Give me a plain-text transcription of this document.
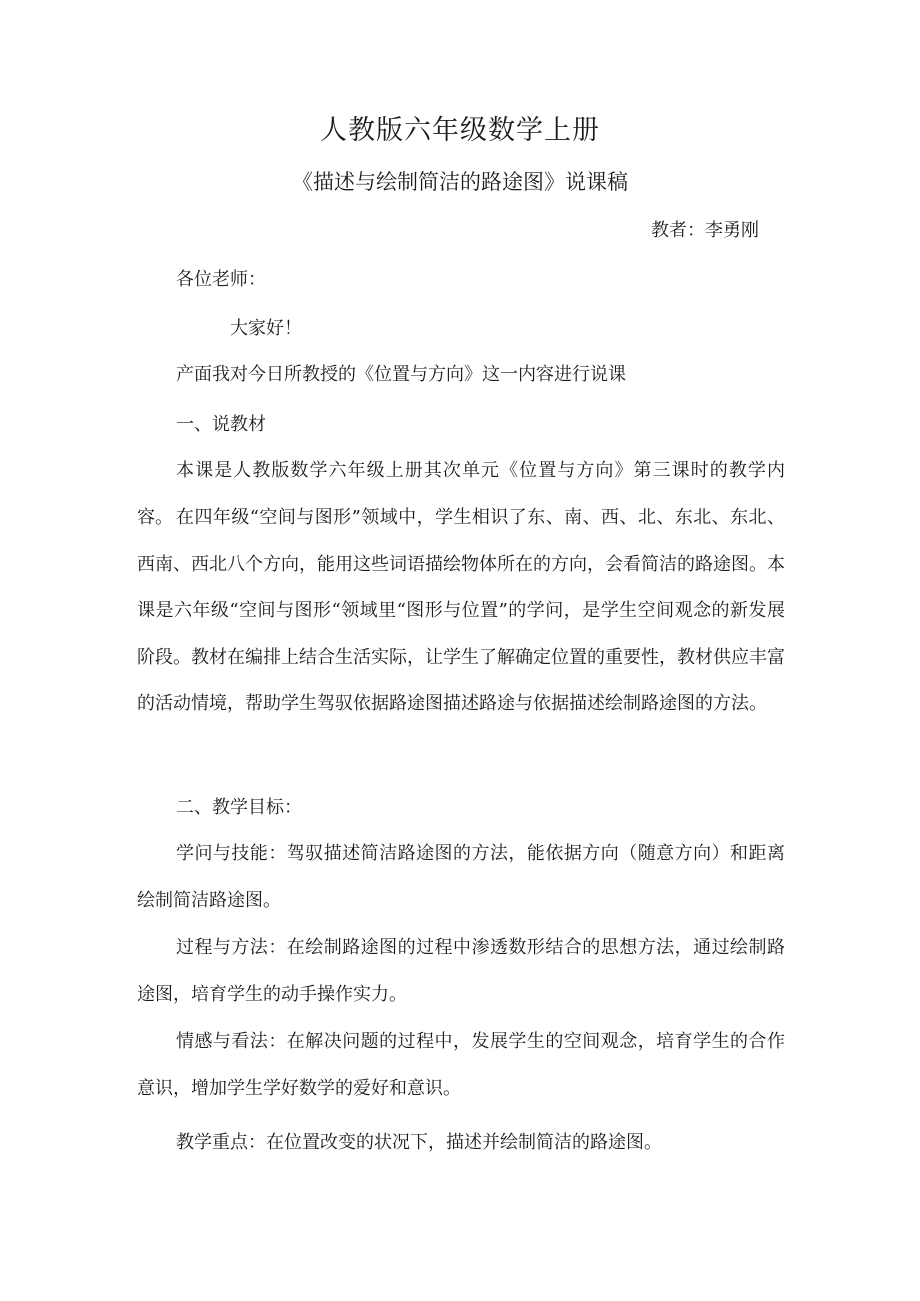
人教版六年级数学上册
《描述与绘制简洁的路途图》说课稿
教者：李勇刚
各位老师：
大家好！
产面我对今日所教授的《位置与方向》这一内容进行说课
一、说教材

本课是人教版数学六年级上册其次单元《位置与方向》第三课时的教学内容。 在四年级“空间与图形”领域中，学生相识了东、南、西、北、东北、东北、西南、西北八个方向，能用这些词语描绘物体所在的方向，会看简洁的路途图。本课是六年级“空间与图形“领域里“图形与位置”的学问，是学生空间观念的新发展阶段。教材在编排上结合生活实际，让学生了解确定位置的重要性，教材供应丰富的活动情境，帮助学生驾驭依据路途图描述路途与依据描述绘制路途图的方法。

二、教学目标：

学问与技能：驾驭描述简洁路途图的方法，能依据方向（随意方向）和距离绘制简洁路途图。

过程与方法：在绘制路途图的过程中渗透数形结合的思想方法，通过绘制路途图，培育学生的动手操作实力。

情感与看法：在解决问题的过程中，发展学生的空间观念，培育学生的合作意识，增加学生学好数学的爱好和意识。

教学重点：在位置改变的状况下，描述并绘制简洁的路途图。
